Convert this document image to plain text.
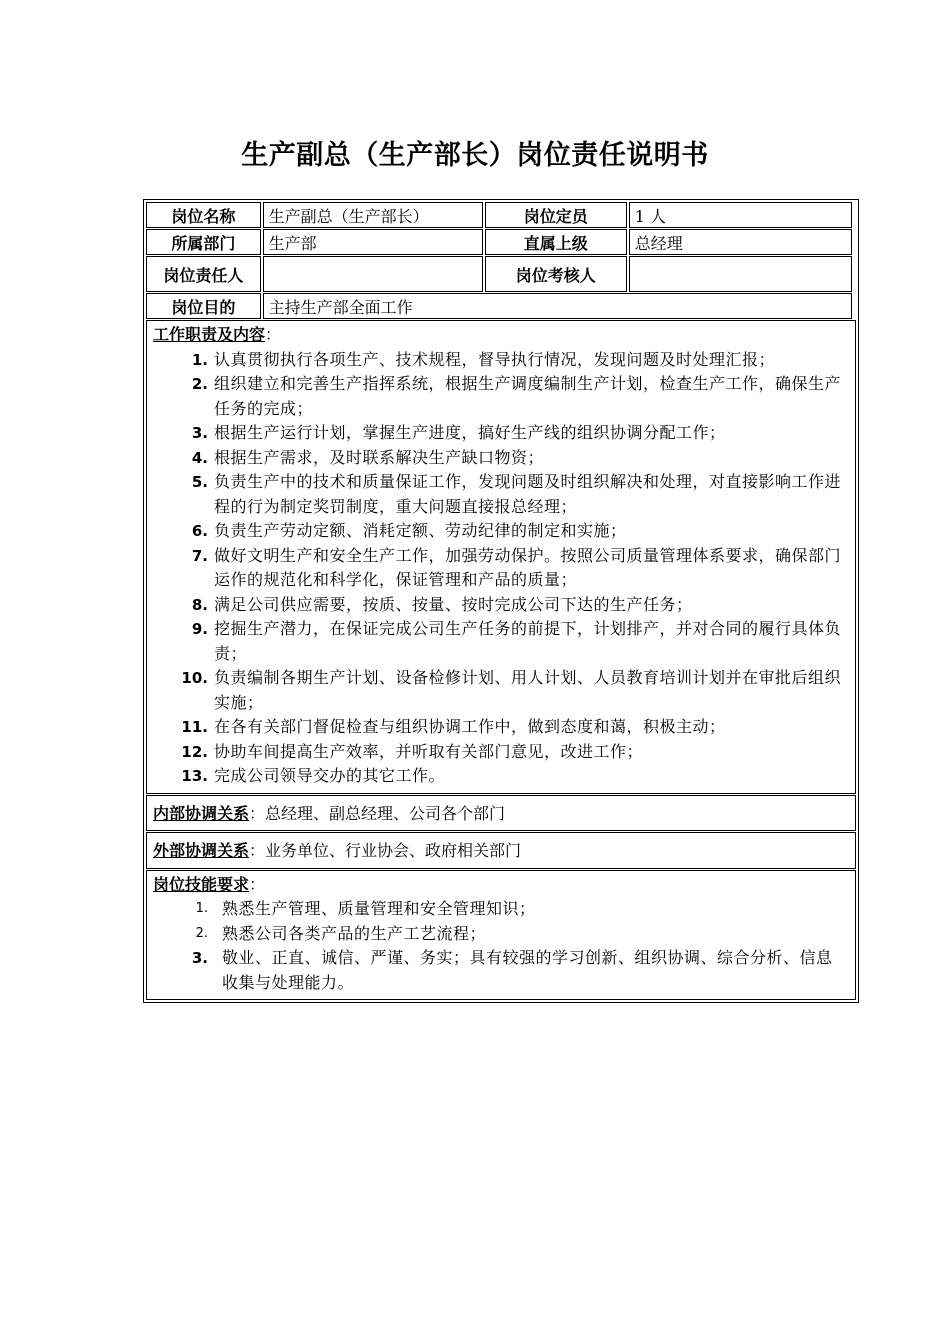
生产副总（生产部长）岗位责任说明书
岗位名称	生产副总（生产部长）	岗位定员	1 人
所属部门	生产部	直属上级	总经理
岗位责任人		岗位考核人	
岗位目的	主持生产部全面工作		
工作职责及内容：
1. 认真贯彻执行各项生产、技术规程，督导执行情况，发现问题及时处理汇报；
2. 组织建立和完善生产指挥系统，根据生产调度编制生产计划，检查生产工作，确保生产任务的完成；
3. 根据生产运行计划，掌握生产进度，搞好生产线的组织协调分配工作；
4. 根据生产需求，及时联系解决生产缺口物资；
5. 负责生产中的技术和质量保证工作，发现问题及时组织解决和处理，对直接影响工作进程的行为制定奖罚制度，重大问题直接报总经理；
6. 负责生产劳动定额、消耗定额、劳动纪律的制定和实施；
7. 做好文明生产和安全生产工作，加强劳动保护。按照公司质量管理体系要求，确保部门运作的规范化和科学化，保证管理和产品的质量；
8. 满足公司供应需要，按质、按量、按时完成公司下达的生产任务；
9. 挖掘生产潜力，在保证完成公司生产任务的前提下，计划排产，并对合同的履行具体负责；
10. 负责编制各期生产计划、设备检修计划、用人计划、人员教育培训计划并在审批后组织实施；
11. 在各有关部门督促检查与组织协调工作中，做到态度和蔼，积极主动；
12. 协助车间提高生产效率，并听取有关部门意见，改进工作；
13. 完成公司领导交办的其它工作。
内部协调关系：总经理、副总经理、公司各个部门
外部协调关系：业务单位、行业协会、政府相关部门
岗位技能要求：
1. 熟悉生产管理、质量管理和安全管理知识；
2. 熟悉公司各类产品的生产工艺流程；
3. 敬业、正直、诚信、严谨、务实；具有较强的学习创新、组织协调、综合分析、信息收集与处理能力。
